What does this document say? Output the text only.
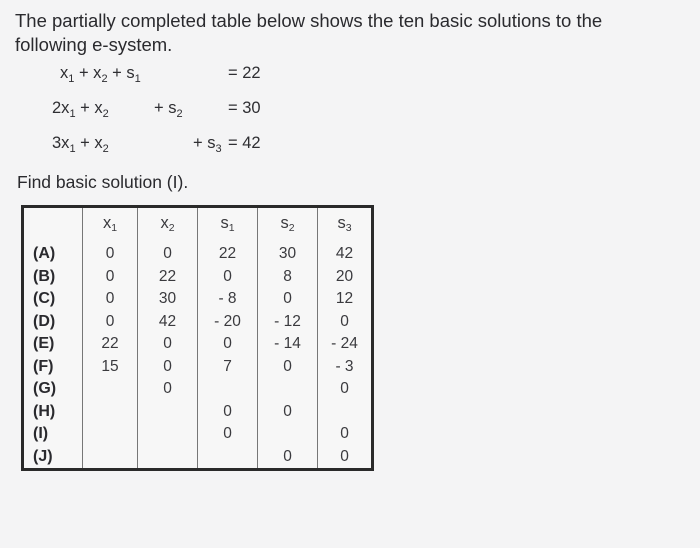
The partially completed table below shows the ten basic solutions to the following e-system.

$x_1 + x_2 + s_1$	= 22
$2x_1 + x_2$	+ $s_2$	= 30
$3x_1 + x_2$	+ $s_3 = 42$

Find basic solution (I).

	$x_1$	$x_2$	$s_1$	$s_2$	$s_3$
(A)	0	0	22	30	42
(B)	0	22	0	8	20
(C)	0	30	- 8	0	12
(D)	0	42	- 20	- 12	0
(E)	22	0	0	- 14	- 24
(F)	15	0	7	0	- 3
(G)		0			0
(H)			0	0	
(I)			0		0
(J)				0	0
